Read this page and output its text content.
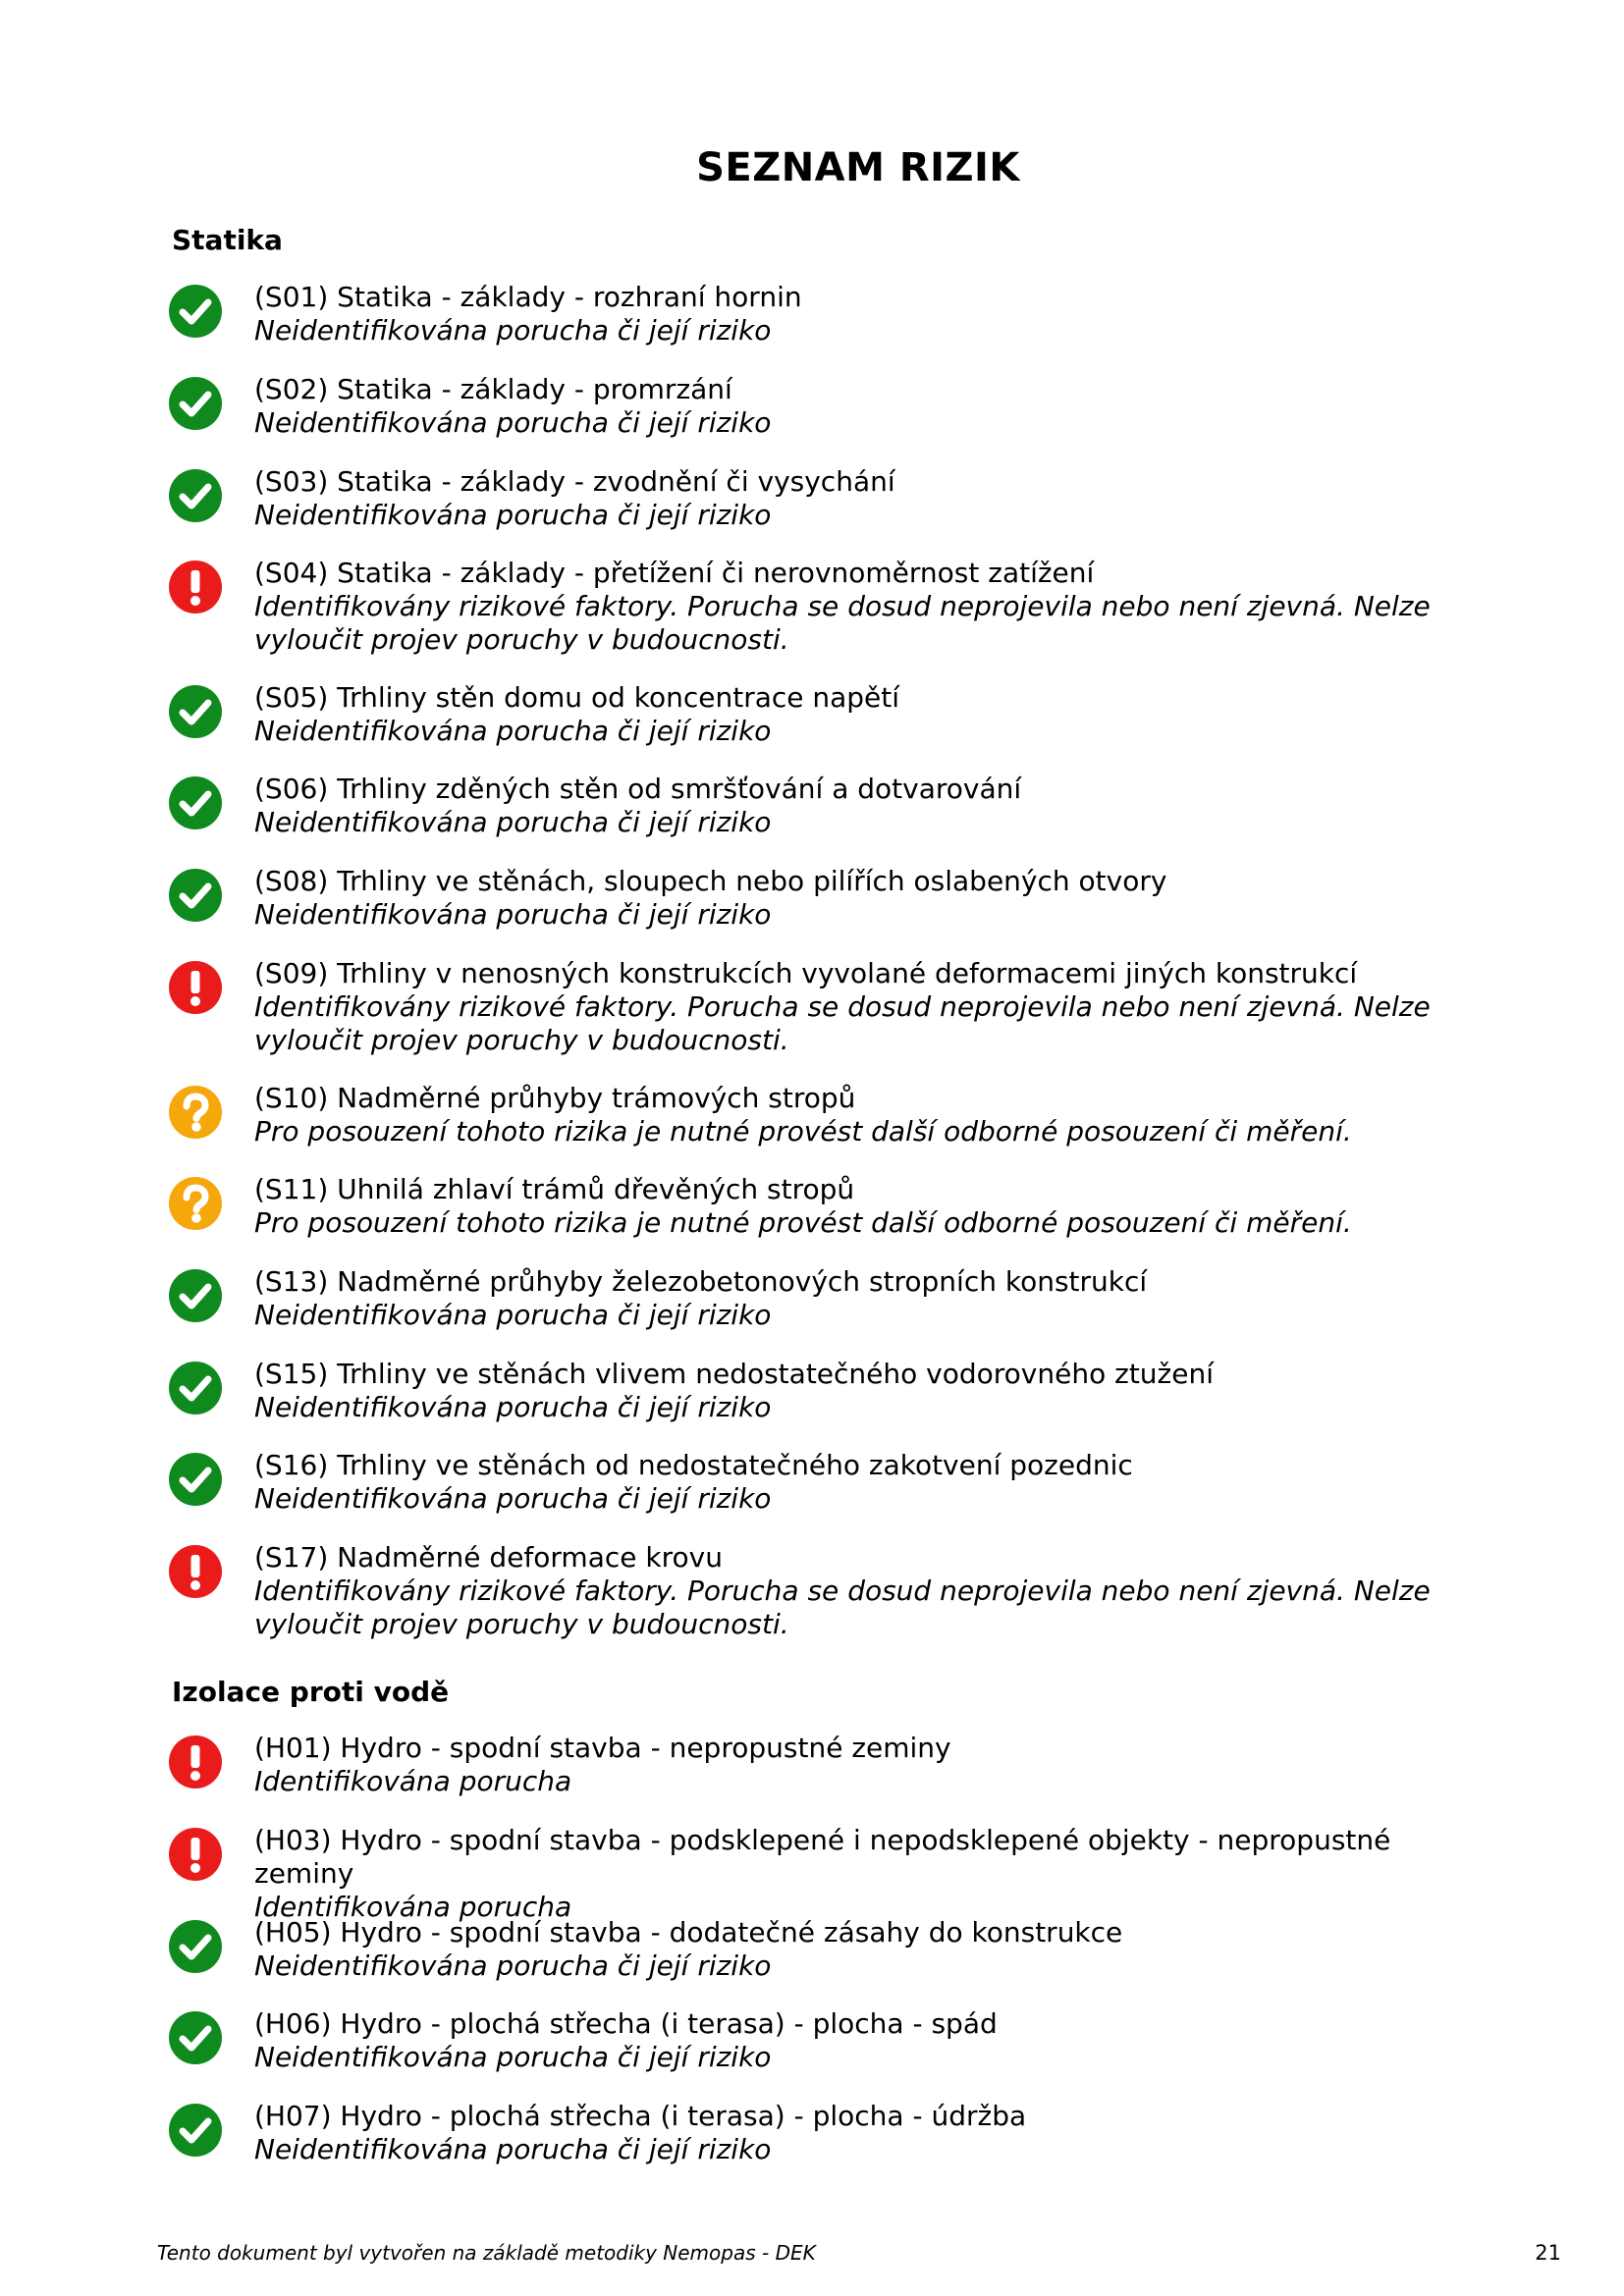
SEZNAM RIZIK
Statika
(S01) Statika - základy - rozhraní hornin
Neidentifikována porucha či její riziko
(S02) Statika - základy - promrzání
Neidentifikována porucha či její riziko
(S03) Statika - základy - zvodnění či vysychání
Neidentifikována porucha či její riziko
(S04) Statika - základy - přetížení či nerovnoměrnost zatížení
Identifikovány rizikové faktory. Porucha se dosud neprojevila nebo není zjevná. Nelze vyloučit projev poruchy v budoucnosti.
(S05) Trhliny stěn domu od koncentrace napětí
Neidentifikována porucha či její riziko
(S06) Trhliny zděných stěn od smršťování a dotvarování
Neidentifikována porucha či její riziko
(S08) Trhliny ve stěnách, sloupech nebo pilířích oslabených otvory
Neidentifikována porucha či její riziko
(S09) Trhliny v nenosných konstrukcích vyvolané deformacemi jiných konstrukcí
Identifikovány rizikové faktory. Porucha se dosud neprojevila nebo není zjevná. Nelze vyloučit projev poruchy v budoucnosti.
(S10) Nadměrné průhyby trámových stropů
Pro posouzení tohoto rizika je nutné provést další odborné posouzení či měření.
(S11) Uhnilá zhlaví trámů dřevěných stropů
Pro posouzení tohoto rizika je nutné provést další odborné posouzení či měření.
(S13) Nadměrné průhyby železobetonových stropních konstrukcí
Neidentifikována porucha či její riziko
(S15) Trhliny ve stěnách vlivem nedostatečného vodorovného ztužení
Neidentifikována porucha či její riziko
(S16) Trhliny ve stěnách od nedostatečného zakotvení pozednic
Neidentifikována porucha či její riziko
(S17) Nadměrné deformace krovu
Identifikovány rizikové faktory. Porucha se dosud neprojevila nebo není zjevná. Nelze vyloučit projev poruchy v budoucnosti.
Izolace proti vodě
(H01) Hydro - spodní stavba - nepropustné zeminy
Identifikována porucha
(H03) Hydro - spodní stavba - podsklepené i nepodsklepené objekty - nepropustné zeminy
Identifikována porucha
(H05) Hydro - spodní stavba - dodatečné zásahy do konstrukce
Neidentifikována porucha či její riziko
(H06) Hydro - plochá střecha (i terasa) - plocha - spád
Neidentifikována porucha či její riziko
(H07) Hydro - plochá střecha (i terasa) - plocha - údržba
Neidentifikována porucha či její riziko
Tento dokument byl vytvořen na základě metodiky Nemopas - DEK	21
